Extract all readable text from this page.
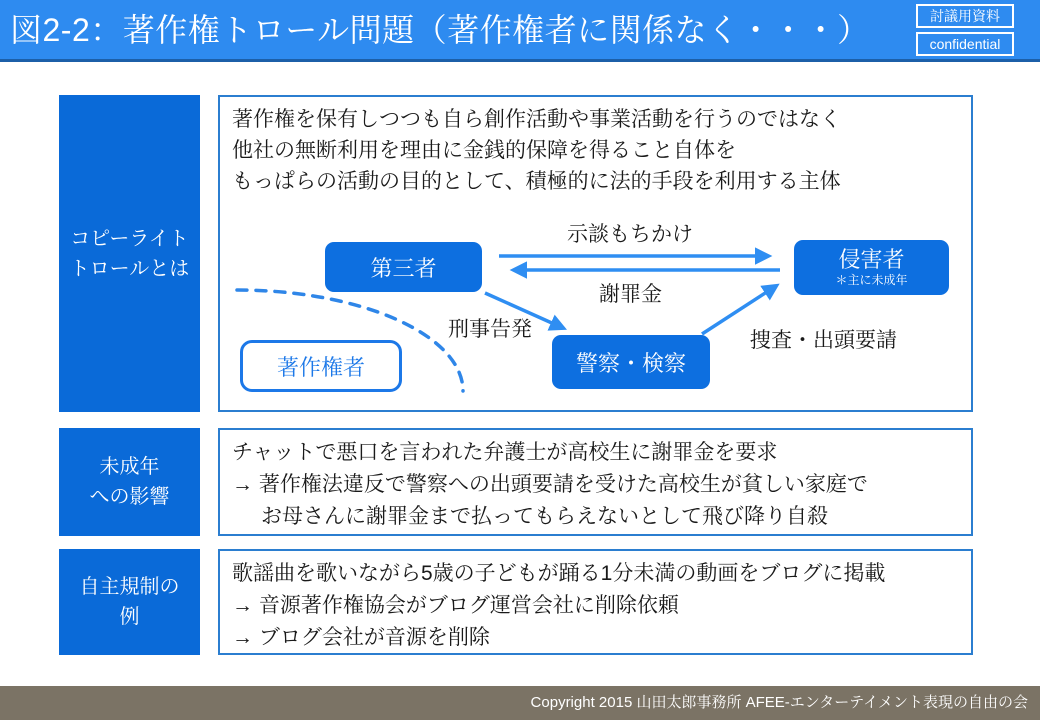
図2-2：著作権トロール問題（著作権者に関係なく・・・）	討議用資料
confidential
コピーライト
トロールとは
著作権を保有しつつも自ら創作活動や事業活動を行うのではなく
他社の無断利用を理由に金銭的保障を得ること自体を
もっぱらの活動の目的として、積極的に法的手段を利用する主体
第三者	侵害者
＊主に未成年
警察・検察
著作権者
示談もちかけ
謝罪金
刑事告発	捜査・出頭要請
未成年
への影響
チャットで悪口を言われた弁護士が高校生に謝罪金を要求
→ 著作権法違反で警察への出頭要請を受けた高校生が貧しい家庭で
お母さんに謝罪金まで払ってもらえないとして飛び降り自殺
自主規制の
例
歌謡曲を歌いながら5歳の子どもが踊る1分未満の動画をブログに掲載
→ 音源著作権協会がブログ運営会社に削除依頼
→ ブログ会社が音源を削除
Copyright 2015 山田太郎事務所 AFEE-エンターテイメント表現の自由の会
